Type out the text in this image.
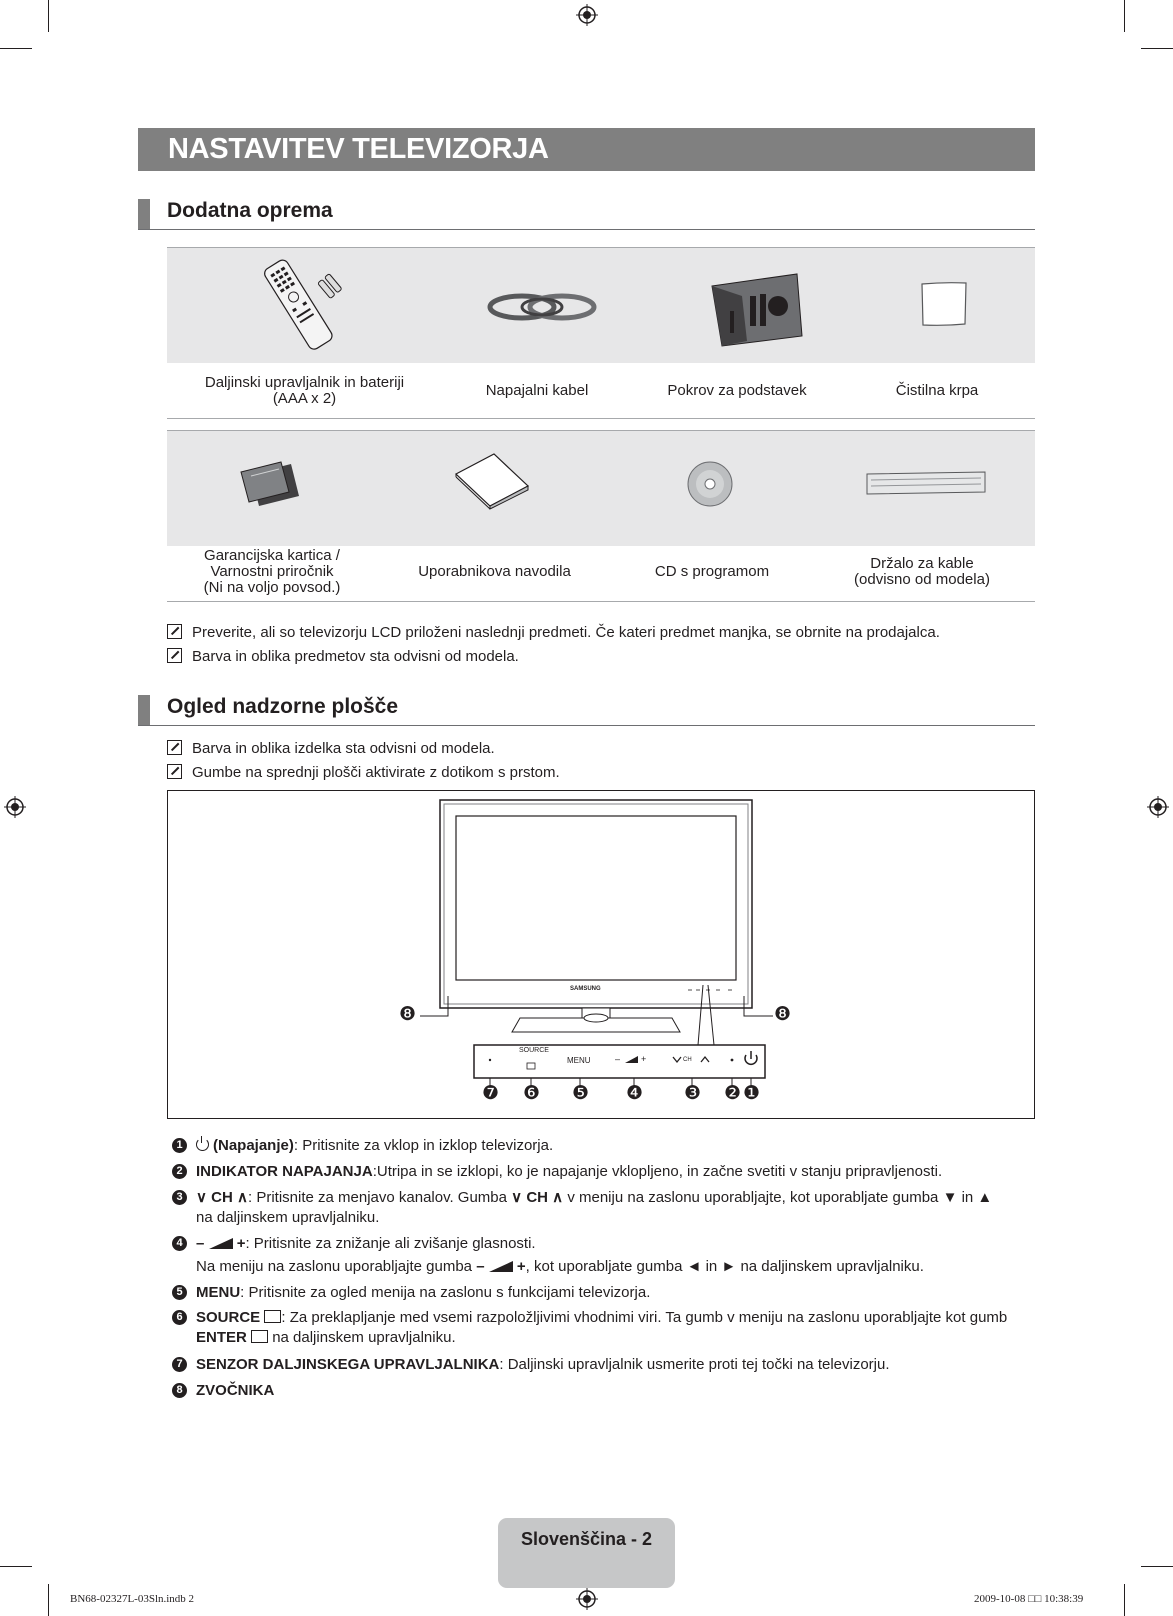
NASTAVITEV TELEVIZORJA
Dodatna oprema
Daljinski upravljalnik in bateriji
(AAA x 2)	Napajalni kabel	Pokrov za podstavek	Čistilna krpa
Garancijska kartica /
Varnostni priročnik
(Ni na voljo povsod.)
Uporabnikova navodila	CD s programom	Držalo za kable
(odvisno od modela)
Preverite, ali so televizorju LCD priloženi naslednji predmeti. Če kateri predmet manjka, se obrnite na prodajalca.
Barva in oblika predmetov sta odvisni od modela.
Ogled nadzorne plošče
Barva in oblika izdelka sta odvisni od modela.
Gumbe na sprednji plošči aktivirate z dotikom s prstom.
SAMSUNG
SOURCE
MENU	– +	CH
❽	❽
❼ ❻ ❺ ❹ ❸ ❷ ❶
1	(Napajanje): Pritisnite za vklop in izklop televizorja.
2 INDIKATOR NAPAJANJA:Utripa in se izklopi, ko je napajanje vklopljeno, in začne svetiti v stanju pripravljenosti.
3 ∨ CH ∧: Pritisnite za menjavo kanalov. Gumba ∨ CH ∧ v meniju na zaslonu uporabljajte, kot uporabljate gumba ▼ in ▲
na daljinskem upravljalniku.
4 – +: Pritisnite za znižanje ali zvišanje glasnosti.
Na meniju na zaslonu uporabljajte gumba – +, kot uporabljate gumba ◄ in ► na daljinskem upravljalniku.
5 MENU: Pritisnite za ogled menija na zaslonu s funkcijami televizorja.
6 SOURCE : Za preklapljanje med vsemi razpoložljivimi vhodnimi viri. Ta gumb v meniju na zaslonu uporabljajte kot gumb
ENTER na daljinskem upravljalniku.
7 SENZOR DALJINSKEGA UPRAVLJALNIKA: Daljinski upravljalnik usmerite proti tej točki na televizorju.
8 ZVOČNIKA
Slovenščina - 2
BN68-02327L-03Sln.indb 2	2009-10-08 □□ 10:38:39
